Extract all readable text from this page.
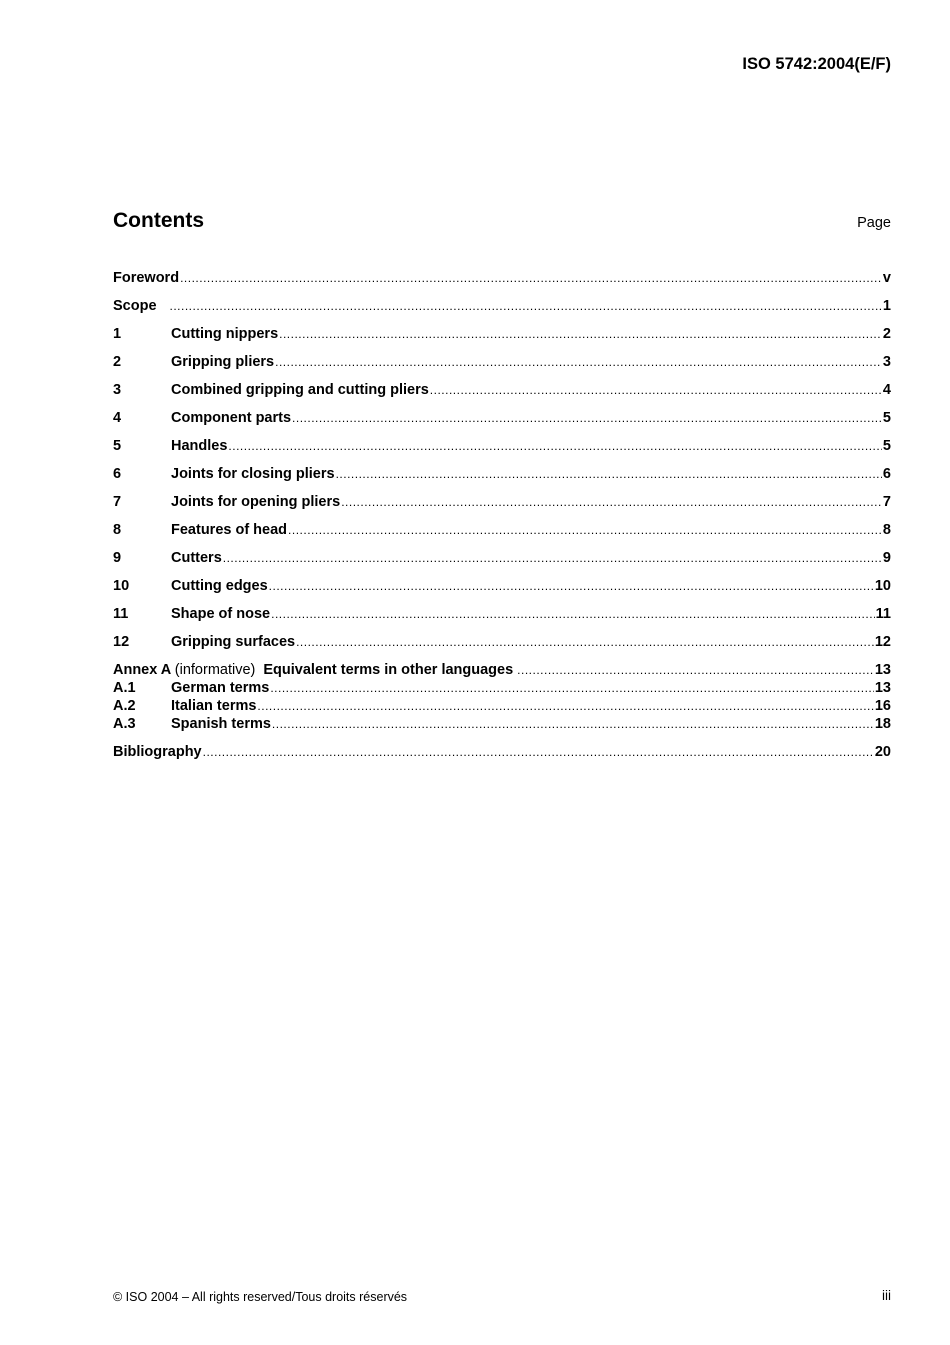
ISO 5742:2004(E/F)
Contents	Page
Foreword .....	v
Scope .....	1
1	Cutting nippers .....	2
2	Gripping pliers .....	3
3	Combined gripping and cutting pliers .....	4
4	Component parts .....	5
5	Handles .....	5
6	Joints for closing pliers .....	6
7	Joints for opening pliers .....	7
8	Features of head .....	8
9	Cutters .....	9
10	Cutting edges .....	10
11	Shape of nose .....	11
12	Gripping surfaces .....	12
Annex A (informative) Equivalent terms in other languages .....	13
A.1	German terms .....	13
A.2	Italian terms .....	16
A.3	Spanish terms .....	18
Bibliography .....	20
© ISO 2004 – All rights reserved/Tous droits réservés	iii
